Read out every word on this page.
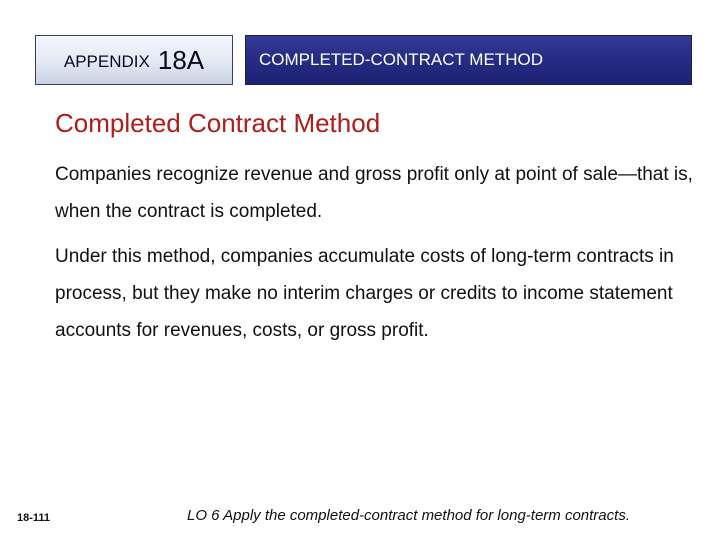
APPENDIX 18A	COMPLETED-CONTRACT METHOD
Completed Contract Method

Companies recognize revenue and gross profit only at point of sale—that is, when the contract is completed.

Under this method, companies accumulate costs of long-term contracts in process, but they make no interim charges or credits to income statement accounts for revenues, costs, or gross profit.

18-111	LO 6 Apply the completed-contract method for long-term contracts.
